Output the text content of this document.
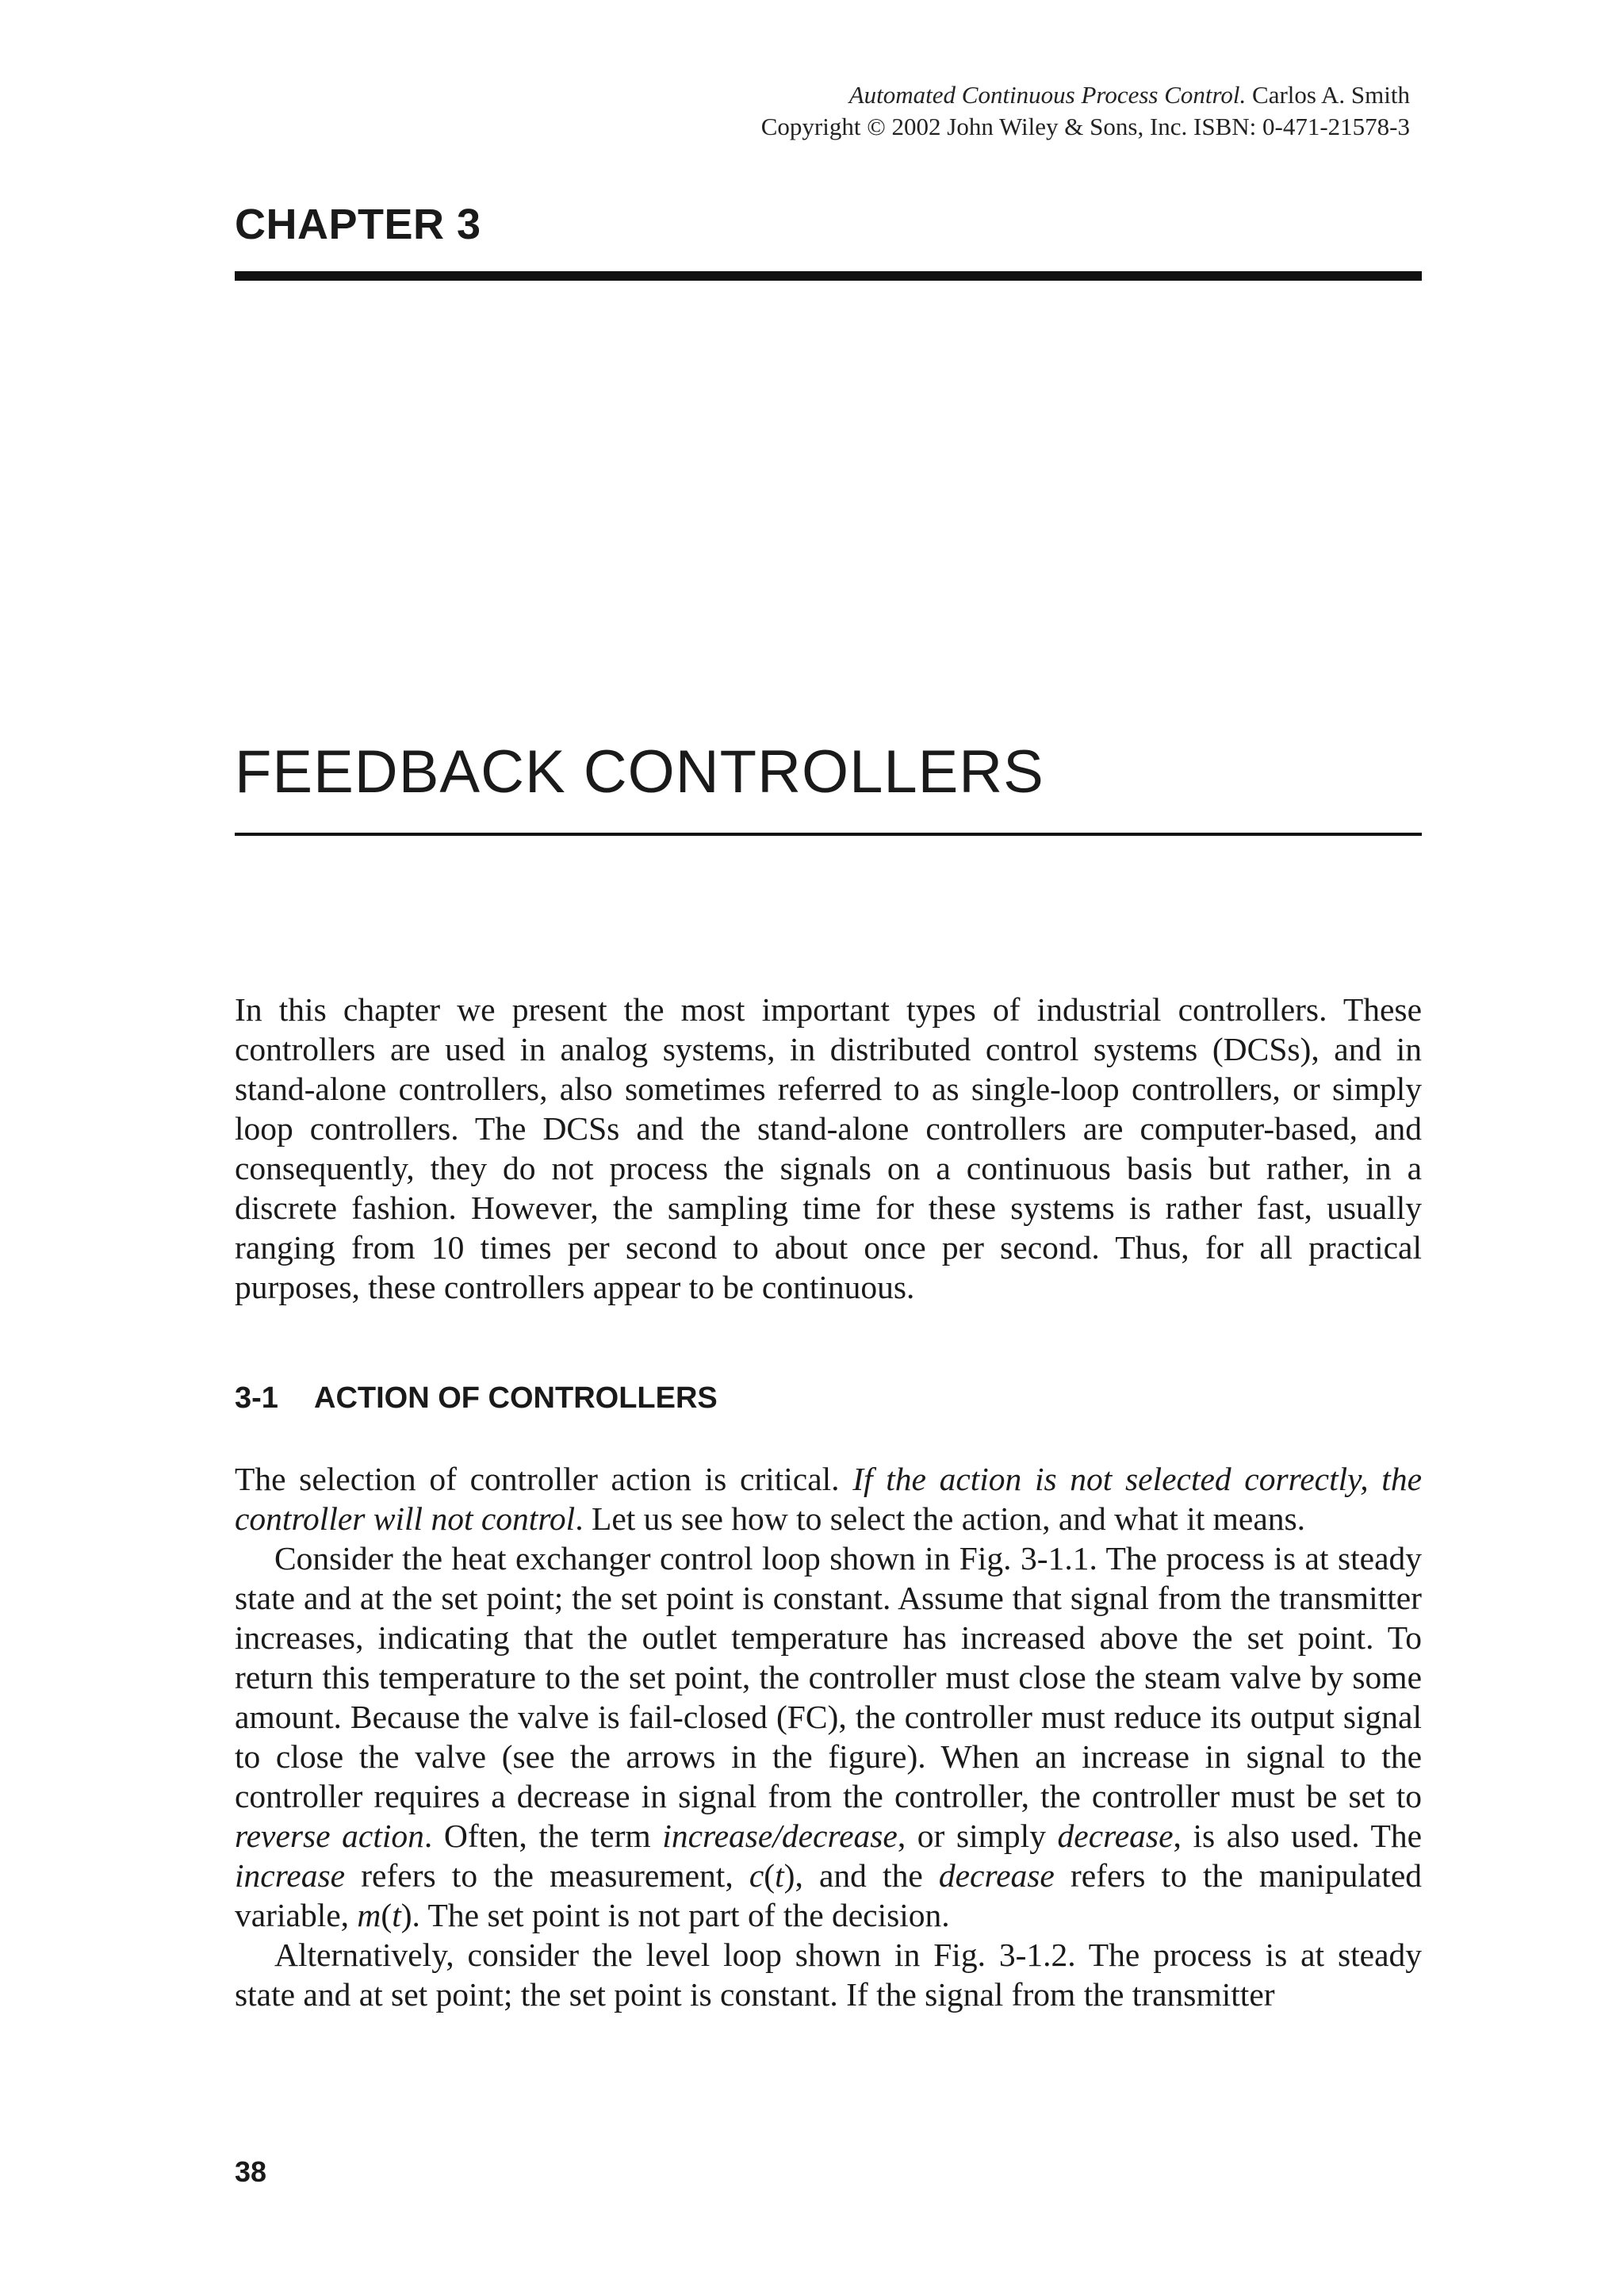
Automated Continuous Process Control. Carlos A. Smith
Copyright © 2002 John Wiley & Sons, Inc. ISBN: 0-471-21578-3
CHAPTER 3
FEEDBACK CONTROLLERS

In this chapter we present the most important types of industrial controllers. These controllers are used in analog systems, in distributed control systems (DCSs), and in stand-alone controllers, also sometimes referred to as single-loop controllers, or simply loop controllers. The DCSs and the stand-alone controllers are computer-based, and consequently, they do not process the signals on a continuous basis but rather, in a discrete fashion. However, the sampling time for these systems is rather fast, usually ranging from 10 times per second to about once per second. Thus, for all practical purposes, these controllers appear to be continuous.

3-1 ACTION OF CONTROLLERS

The selection of controller action is critical. If the action is not selected correctly, the controller will not control. Let us see how to select the action, and what it means.

Consider the heat exchanger control loop shown in Fig. 3-1.1. The process is at steady state and at the set point; the set point is constant. Assume that signal from the transmitter increases, indicating that the outlet temperature has increased above the set point. To return this temperature to the set point, the controller must close the steam valve by some amount. Because the valve is fail-closed (FC), the controller must reduce its output signal to close the valve (see the arrows in the figure). When an increase in signal to the controller requires a decrease in signal from the controller, the controller must be set to reverse action. Often, the term increase/decrease, or simply decrease, is also used. The increase refers to the measurement, c(t), and the decrease refers to the manipulated variable, m(t). The set point is not part of the decision.

Alternatively, consider the level loop shown in Fig. 3-1.2. The process is at steady state and at set point; the set point is constant. If the signal from the transmitter

38
